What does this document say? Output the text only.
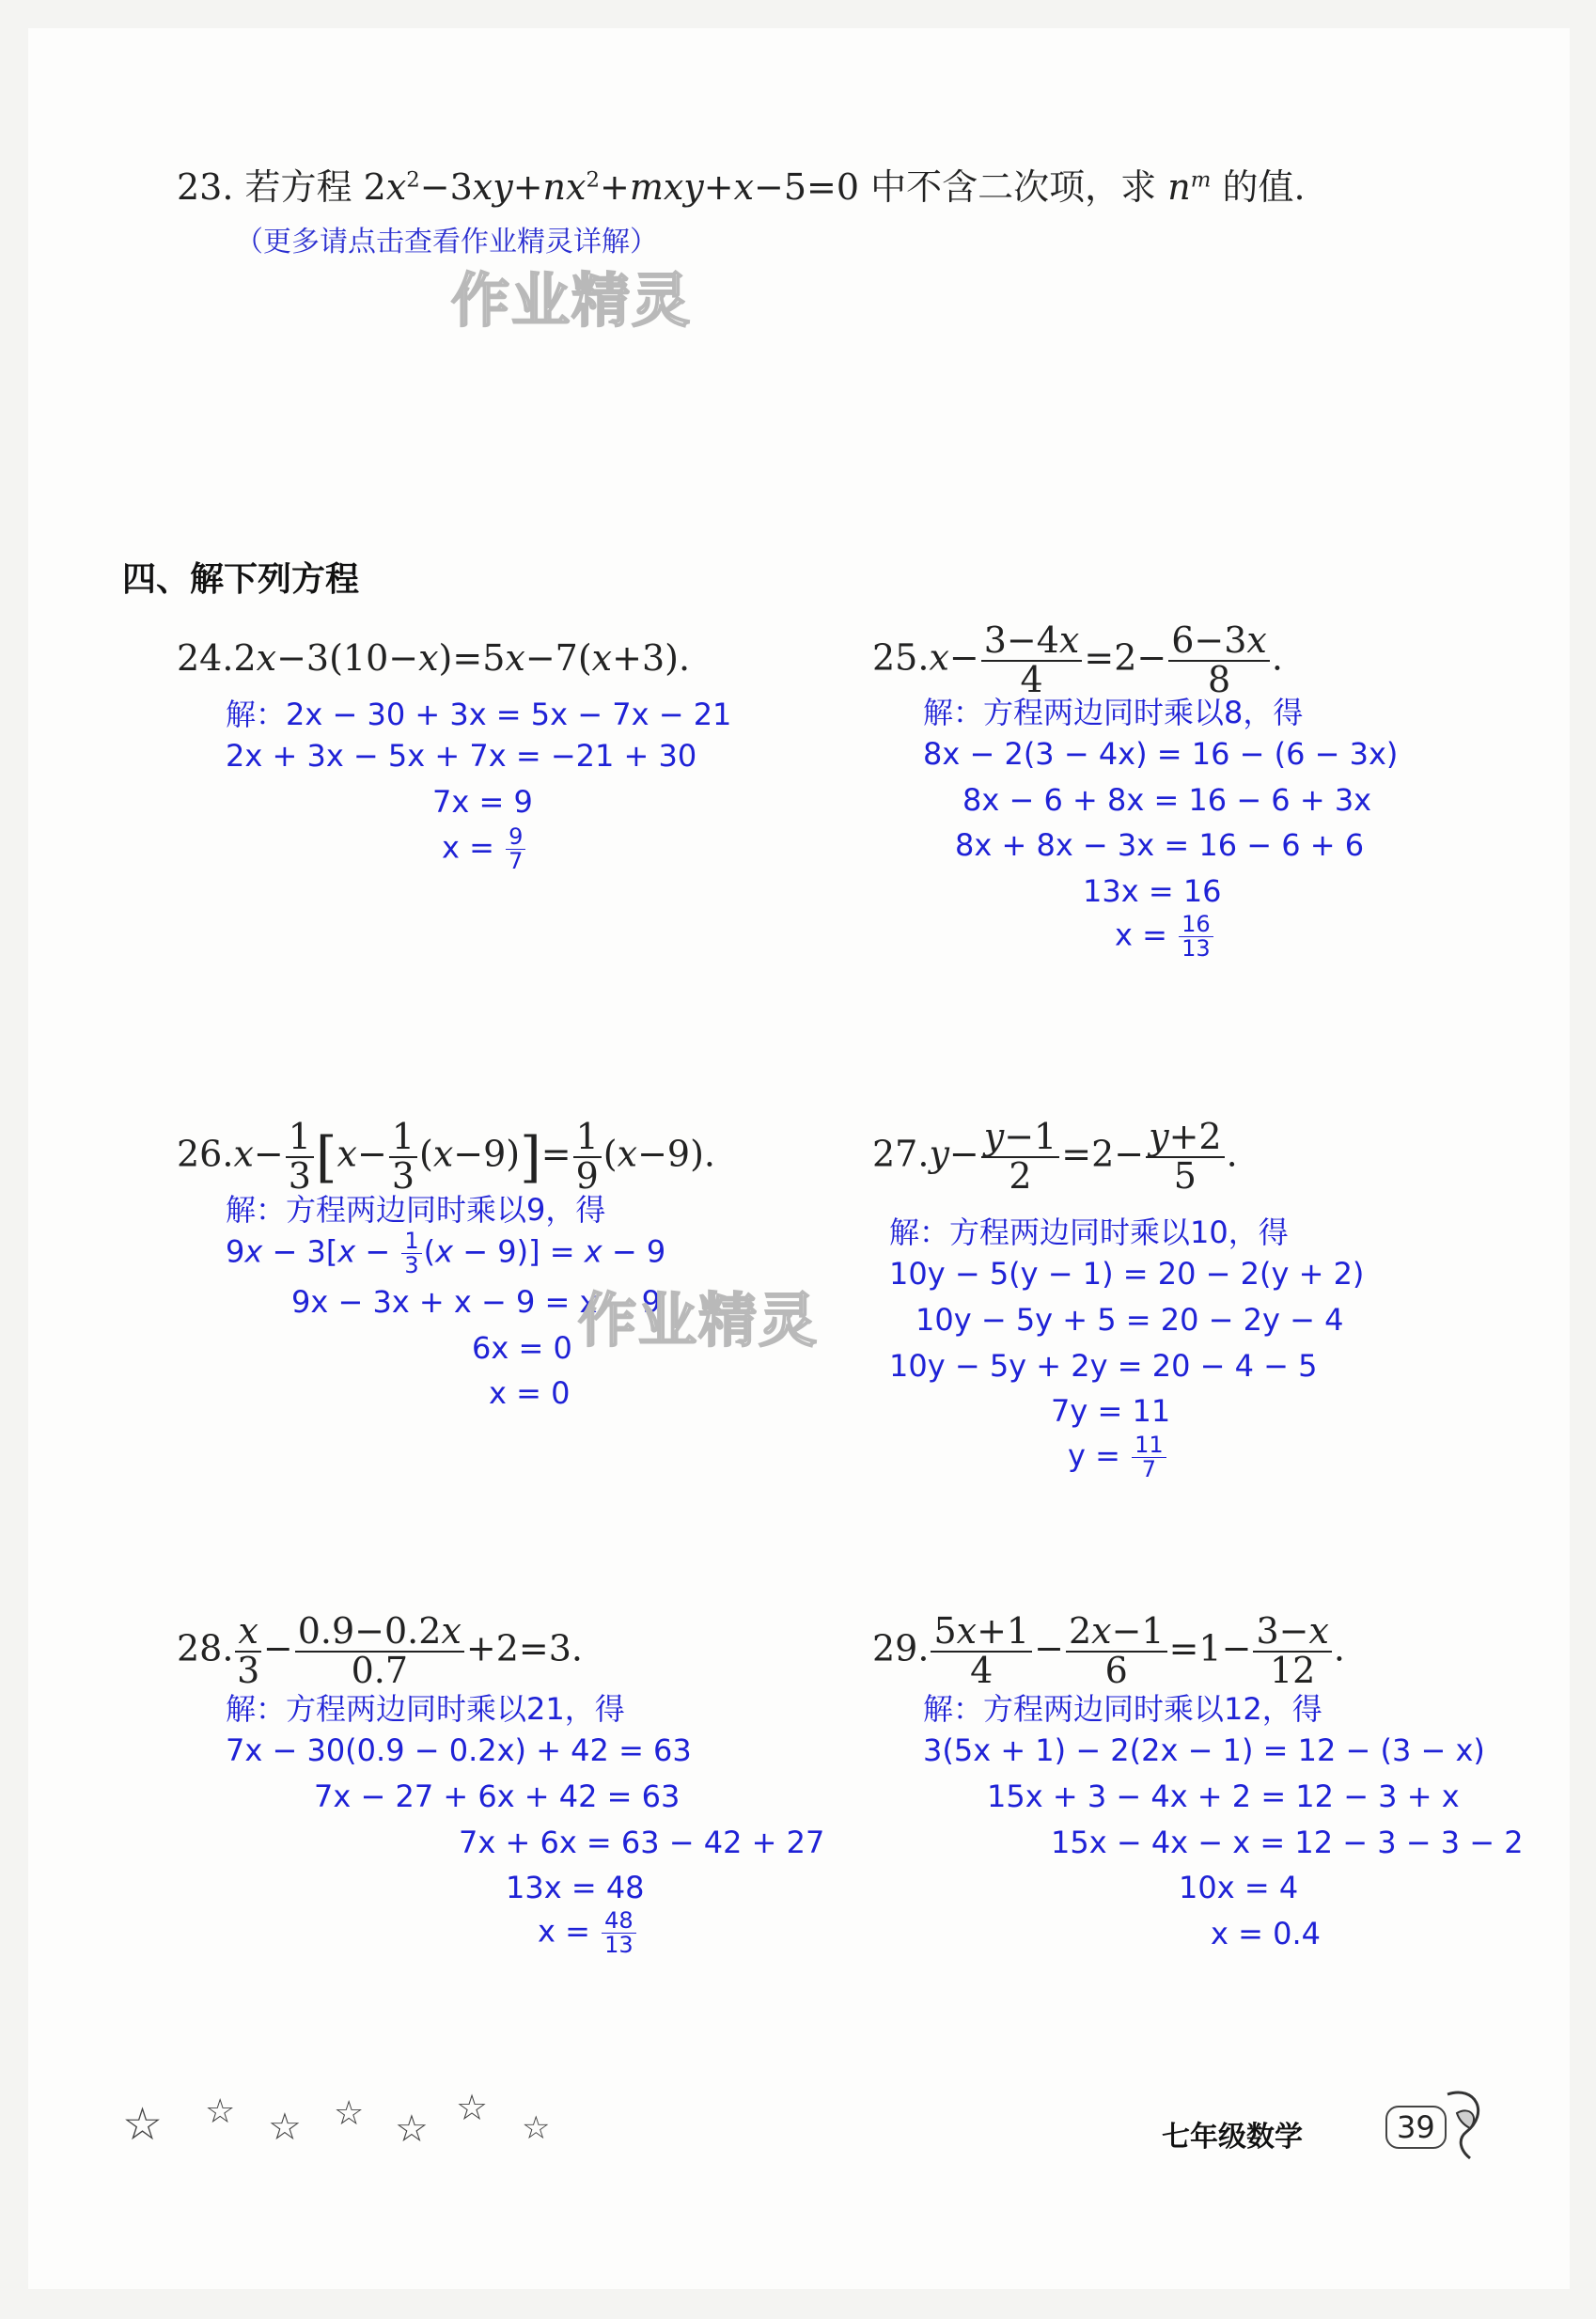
23. 若方程 $2x^2-3xy+nx^2+mxy+x-5=0$ 中不含二次项，求 $n^m$ 的值.
（更多请点击查看作业精灵详解）
作业精灵
四、解下列方程
24.2x−3(10−x)=5x−7(x+3).
解：2x − 30 + 3x = 5x − 7x − 21
2x + 3x − 5x + 7x = −21 + 30
7x = 9
$x = \frac{9}{7}$
$25.x- \frac{3-4x}{4} =2- \frac{6-3x}{8}$ .
解：方程两边同时乘以8，得
8x − 2(3 − 4x) = 16 − (6 − 3x)
8x − 6 + 8x = 16 − 6 + 3x
8x + 8x − 3x = 16 − 6 + 6
13x = 16
$x = \frac{16}{13}$
$26.x- \frac{1}{3} [x- \frac{1}{3} (x-9)]= \frac{1}{9} (x-9)$.
解：方程两边同时乘以9，得
$9x - 3[x - \frac{1}{3} (x - 9)] = x - 9$
9x − 3x + x − 9 = x − 9
6x = 0
x = 0
作业精灵
$27.y- \frac{y-1}{2} =2- \frac{y+2}{5}$ .
解：方程两边同时乘以10，得
10y − 5(y − 1) = 20 − 2(y + 2)
10y − 5y + 5 = 20 − 2y − 4
10y − 5y + 2y = 20 − 4 − 5
7y = 11
$y = \frac{11}{7}$
28. $\frac{x}{3} - \frac{0.9-0.2x}{0.7} +2=3$.
解：方程两边同时乘以21，得
7x − 30(0.9 − 0.2x) + 42 = 63
7x − 27 + 6x + 42 = 63
7x + 6x = 63 − 42 + 27
13x = 48
$x = \frac{48}{13}$
29. $\frac{5x+1}{4} - \frac{2x-1}{6} =1- \frac{3-x}{12}$ .
解：方程两边同时乘以12，得
3(5x + 1) − 2(2x − 1) = 12 − (3 − x)
15x + 3 − 4x + 2 = 12 − 3 + x
15x − 4x − x = 12 − 3 − 3 − 2
10x = 4
x = 0.4
☆ ☆ ☆ ☆ ☆ ☆ ☆	七年级数学	39
